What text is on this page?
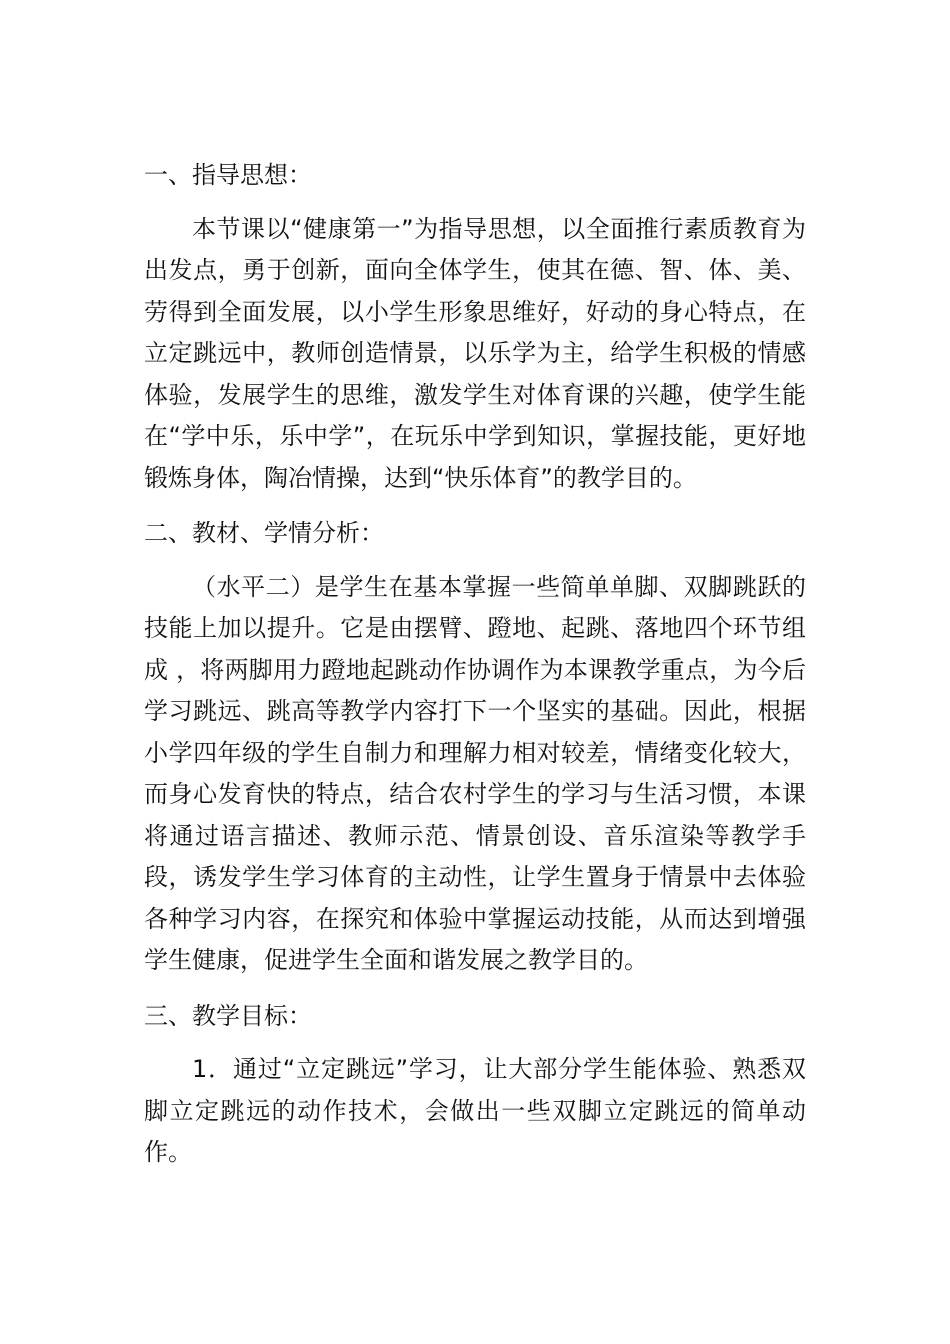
一、指导思想：
本节课以“健康第一”为指导思想，以全面推行素质教育为出发点，勇于创新，面向全体学生，使其在德、智、体、美、劳得到全面发展，以小学生形象思维好，好动的身心特点，在立定跳远中，教师创造情景，以乐学为主，给学生积极的情感体验，发展学生的思维，激发学生对体育课的兴趣，使学生能在“学中乐，乐中学”，在玩乐中学到知识，掌握技能，更好地锻炼身体，陶冶情操，达到“快乐体育”的教学目的。
二、教材、学情分析：
（水平二）是学生在基本掌握一些简单单脚、双脚跳跃的技能上加以提升。它是由摆臂、蹬地、起跳、落地四个环节组成 ，将两脚用力蹬地起跳动作协调作为本课教学重点，为今后学习跳远、跳高等教学内容打下一个坚实的基础。因此，根据小学四年级的学生自制力和理解力相对较差，情绪变化较大，而身心发育快的特点，结合农村学生的学习与生活习惯，本课将通过语言描述、教师示范、情景创设、音乐渲染等教学手段，诱发学生学习体育的主动性，让学生置身于情景中去体验各种学习内容，在探究和体验中掌握运动技能，从而达到增强学生健康，促进学生全面和谐发展之教学目的。
三、教学目标：
1．通过“立定跳远”学习，让大部分学生能体验、熟悉双脚立定跳远的动作技术，会做出一些双脚立定跳远的简单动作。
